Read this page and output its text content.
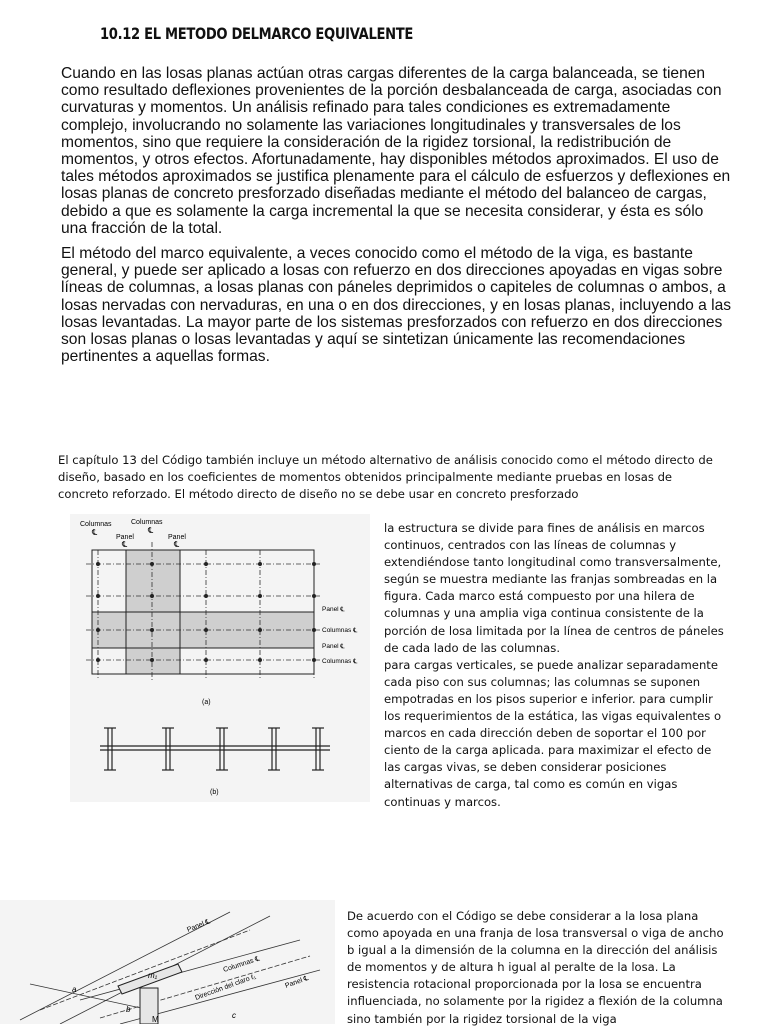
10.12 EL METODO DELMARCO EQUIVALENTE

Cuando en las losas planas actúan otras cargas diferentes de la carga balanceada, se tienen como resultado deflexiones provenientes de la porción desbalanceada de carga, asociadas con curvaturas y momentos. Un análisis refinado para tales condiciones es extremadamente complejo, involucrando no solamente las variaciones longitudinales y transversales de los momentos, sino que requiere la consideración de la rigidez torsional, la redistribución de momentos, y otros efectos. Afortunadamente, hay disponibles métodos aproximados. El uso de tales métodos aproximados se justifica plenamente para el cálculo de esfuerzos y deflexiones en losas planas de concreto presforzado diseñadas mediante el método del balanceo de cargas, debido a que es solamente la carga incremental la que se necesita considerar, y ésta es sólo una fracción de la total.

El método del marco equivalente, a veces conocido como el método de la viga, es bastante general, y puede ser aplicado a losas con refuerzo en dos direcciones apoyadas en vigas sobre líneas de columnas, a losas planas con páneles deprimidos o capiteles de columnas o ambos, a losas nervadas con nervaduras, en una o en dos direcciones, y en losas planas, incluyendo a las losas levantadas. La mayor parte de los sistemas presforzados con refuerzo en dos direcciones son losas planas o losas levantadas y aquí se sintetizan únicamente las recomendaciones pertinentes a aquellas formas.

El capítulo 13 del Código también incluye un método alternativo de análisis conocido como el método directo de diseño, basado en los coeficientes de momentos obtenidos principalmente mediante pruebas en losas de concreto reforzado. El método directo de diseño no se debe usar en concreto presforzado

Columnas
℄
Columnas
℄
Panel
℄
Panel
℄
Panel ℄
Columnas ℄
Panel ℄
Columnas ℄
(a)
(b)

la estructura se divide para fines de análisis en marcos continuos, centrados con las líneas de columnas y extendiéndose tanto longitudinal como transversalmente, según se muestra mediante las franjas sombreadas en la figura. Cada marco está compuesto por una hilera de columnas y una amplia viga continua consistente de la porción de losa limitada por la línea de centros de páneles de cada lado de las columnas.
para cargas verticales, se puede analizar separadamente cada piso con sus columnas; las columnas se suponen empotradas en los pisos superior e inferior. para cumplir los requerimientos de la estática, las vigas equivalentes o marcos en cada dirección deben de soportar el 100 por ciento de la carga aplicada. para maximizar el efecto de las cargas vivas, se deben considerar posiciones alternativas de carga, tal como es común en vigas continuas y marcos.

Panel ℄
Columnas ℄
Dirección del claro ℓ₁	Panel ℄
a
b
c
m₁
M

De acuerdo con el Código se debe considerar a la losa plana como apoyada en una franja de losa transversal o viga de ancho b igual a la dimensión de la columna en la dirección del análisis de momentos y de altura h igual al peralte de la losa. La resistencia rotacional proporcionada por la losa se encuentra influenciada, no solamente por la rigidez a flexión de la columna sino también por la rigidez torsional de la viga
